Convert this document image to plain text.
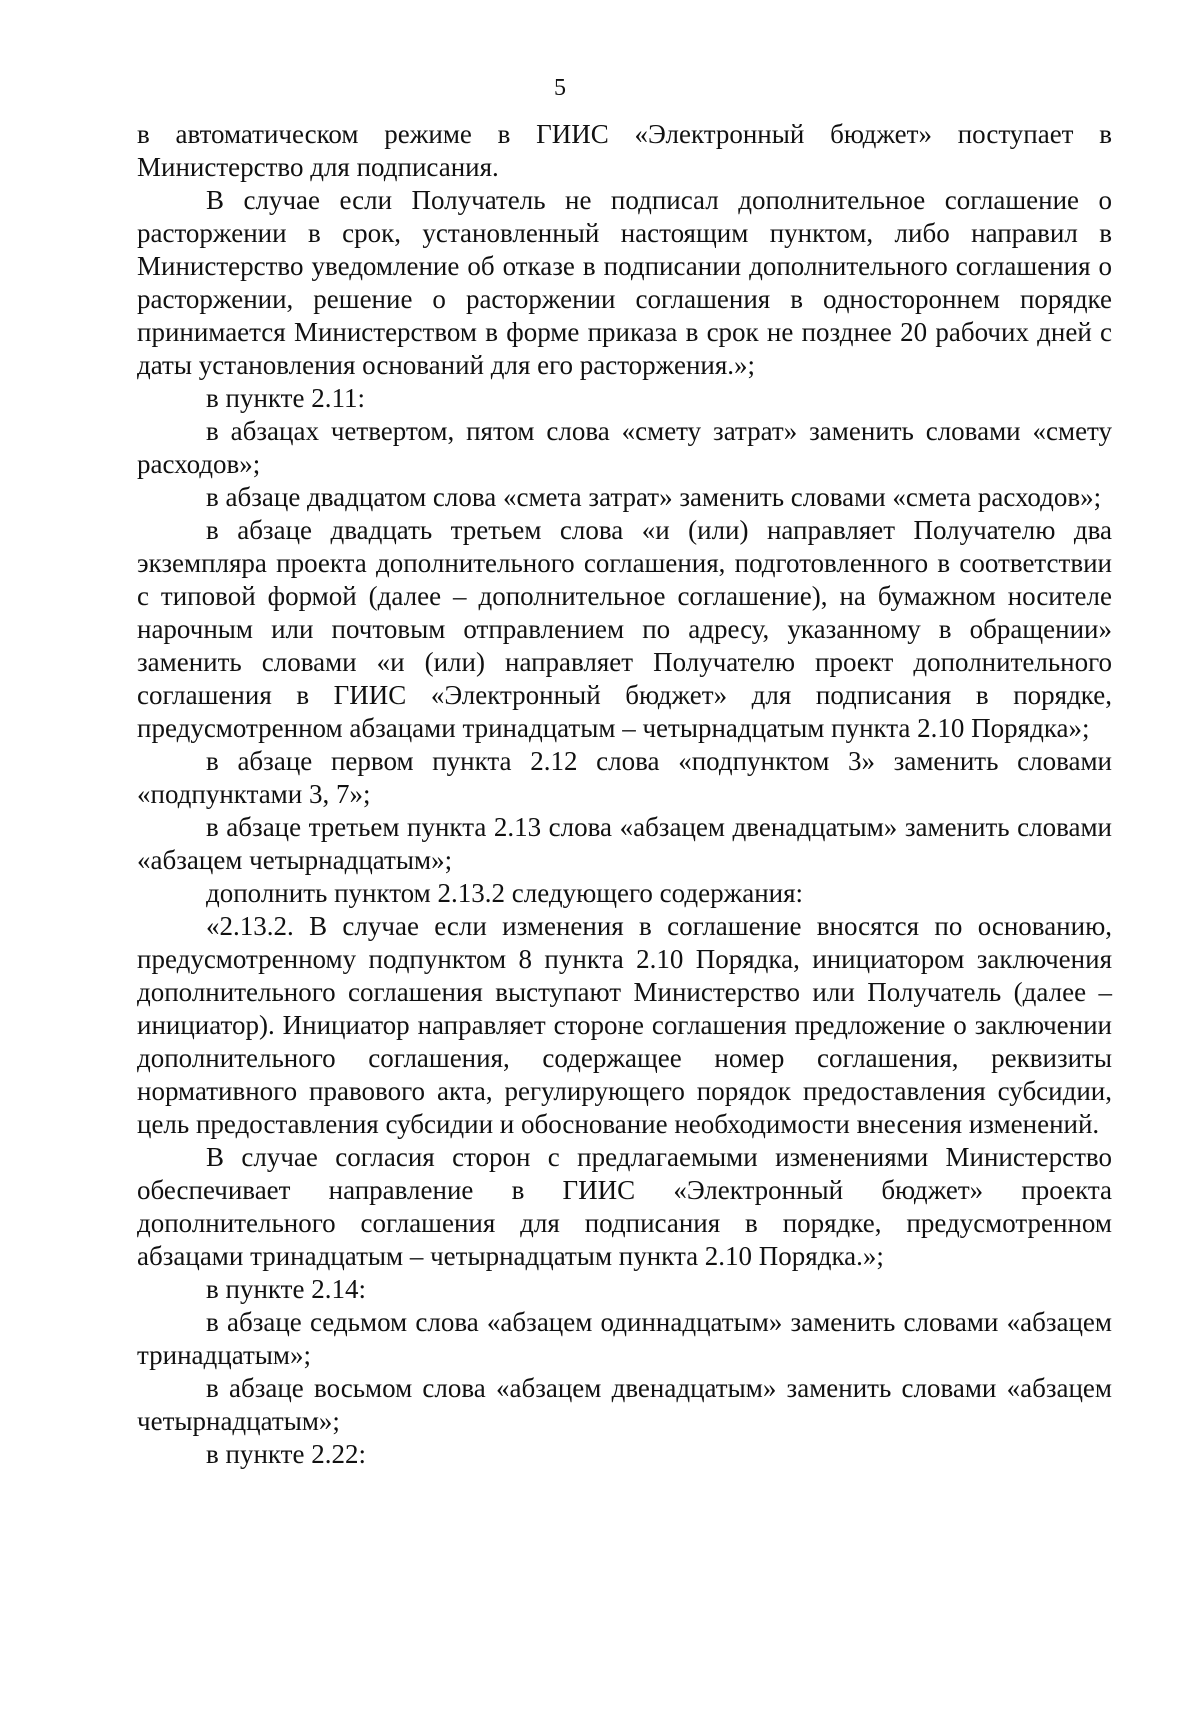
5

в автоматическом режиме в ГИИС «Электронный бюджет» поступает в Министерство для подписания.

В случае если Получатель не подписал дополнительное соглашение о расторжении в срок, установленный настоящим пунктом, либо направил в Министерство уведомление об отказе в подписании дополнительного соглашения о расторжении, решение о расторжении соглашения в одностороннем порядке принимается Министерством в форме приказа в срок не позднее 20 рабочих дней с даты установления оснований для его расторжения.»;

в пункте 2.11:

в абзацах четвертом, пятом слова «смету затрат» заменить словами «смету расходов»;

в абзаце двадцатом слова «смета затрат» заменить словами «смета расходов»;

в абзаце двадцать третьем слова «и (или) направляет Получателю два экземпляра проекта дополнительного соглашения, подготовленного в соответствии с типовой формой (далее – дополнительное соглашение), на бумажном носителе нарочным или почтовым отправлением по адресу, указанному в обращении» заменить словами «и (или) направляет Получателю проект дополнительного соглашения в ГИИС «Электронный бюджет» для подписания в порядке, предусмотренном абзацами тринадцатым – четырнадцатым пункта 2.10 Порядка»;

в абзаце первом пункта 2.12 слова «подпунктом 3» заменить словами «подпунктами 3, 7»;

в абзаце третьем пункта 2.13 слова «абзацем двенадцатым» заменить словами «абзацем четырнадцатым»;

дополнить пунктом 2.13.2 следующего содержания:

«2.13.2. В случае если изменения в соглашение вносятся по основанию, предусмотренному подпунктом 8 пункта 2.10 Порядка, инициатором заключения дополнительного соглашения выступают Министерство или Получатель (далее – инициатор). Инициатор направляет стороне соглашения предложение о заключении дополнительного соглашения, содержащее номер соглашения, реквизиты нормативного правового акта, регулирующего порядок предоставления субсидии, цель предоставления субсидии и обоснование необходимости внесения изменений.

В случае согласия сторон с предлагаемыми изменениями Министерство обеспечивает направление в ГИИС «Электронный бюджет» проекта дополнительного соглашения для подписания в порядке, предусмотренном абзацами тринадцатым – четырнадцатым пункта 2.10 Порядка.»;

в пункте 2.14:

в абзаце седьмом слова «абзацем одиннадцатым» заменить словами «абзацем тринадцатым»;

в абзаце восьмом слова «абзацем двенадцатым» заменить словами «абзацем четырнадцатым»;

в пункте 2.22:
